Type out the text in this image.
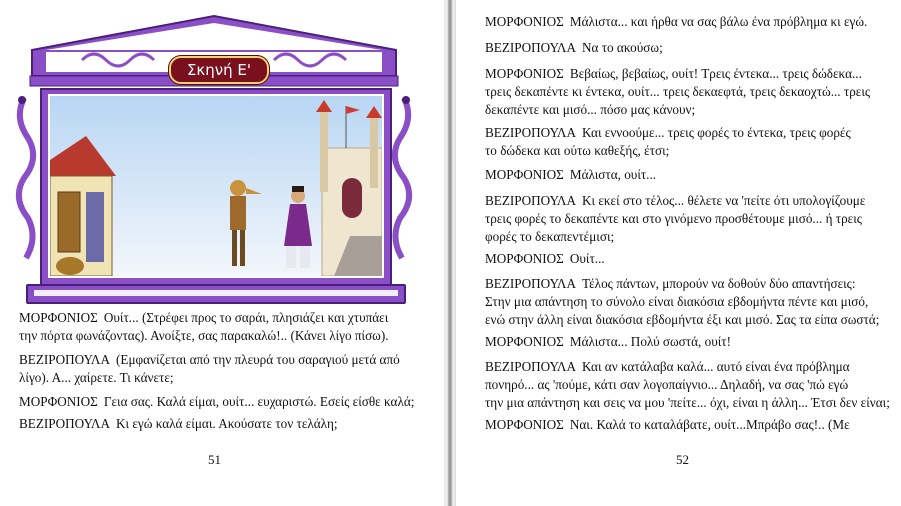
Σκηνή Ε'
ΜΟΡΦΟΝΙΟΣ Ουίτ... (Στρέφει προς το σαράι, πλησιάζει και χτυπάει
την πόρτα φωνάζοντας). Ανοίξτε, σας παρακαλώ!.. (Κάνει λίγο πίσω).
ΒΕΖΙΡΟΠΟΥΛΑ (Εμφανίζεται από την πλευρά του σαραγιού μετά από
λίγο). Α... χαίρετε. Τι κάνετε;
ΜΟΡΦΟΝΙΟΣ Γεια σας. Καλά είμαι, ουίτ... ευχαριστώ. Εσείς είσθε καλά;
ΒΕΖΙΡΟΠΟΥΛΑ Κι εγώ καλά είμαι. Ακούσατε τον τελάλη;
51
ΜΟΡΦΟΝΙΟΣ Μάλιστα... και ήρθα να σας βάλω ένα πρόβλημα κι εγώ.
ΒΕΖΙΡΟΠΟΥΛΑ Να το ακούσω;
ΜΟΡΦΟΝΙΟΣ Βεβαίως, βεβαίως, ουίτ! Τρεις έντεκα... τρεις δώδεκα...
τρεις δεκαπέντε κι έντεκα, ουίτ... τρεις δεκαεφτά, τρεις δεκαοχτώ... τρεις
δεκαπέντε και μισό... πόσο μας κάνουν;
ΒΕΖΙΡΟΠΟΥΛΑ Και εννοούμε... τρεις φορές το έντεκα, τρεις φορές
το δώδεκα και ούτω καθεξής, έτσι;
ΜΟΡΦΟΝΙΟΣ Μάλιστα, ουίτ...
ΒΕΖΙΡΟΠΟΥΛΑ Κι εκεί στο τέλος... θέλετε να 'πείτε ότι υπολογίζουμε
τρεις φορές το δεκαπέντε και στο γινόμενο προσθέτουμε μισό... ή τρεις
φορές το δεκαπεντέμισι;
ΜΟΡΦΟΝΙΟΣ Ουίτ...
ΒΕΖΙΡΟΠΟΥΛΑ Τέλος πάντων, μπορούν να δοθούν δύο απαντήσεις:
Στην μια απάντηση το σύνολο είναι διακόσια εβδομήντα πέντε και μισό,
ενώ στην άλλη είναι διακόσια εβδομήντα έξι και μισό. Σας τα είπα σωστά;
ΜΟΡΦΟΝΙΟΣ Μάλιστα... Πολύ σωστά, ουίτ!
ΒΕΖΙΡΟΠΟΥΛΑ Και αν κατάλαβα καλά... αυτό είναι ένα πρόβλημα
πονηρό... ας 'πούμε, κάτι σαν λογοπαίγνιο... Δηλαδή, να σας 'πώ εγώ
την μια απάντηση και σεις να μου 'πείτε... όχι, είναι η άλλη... Έτσι δεν είναι;
ΜΟΡΦΟΝΙΟΣ Ναι. Καλά το καταλάβατε, ουίτ...Μπράβο σας!.. (Με
52
